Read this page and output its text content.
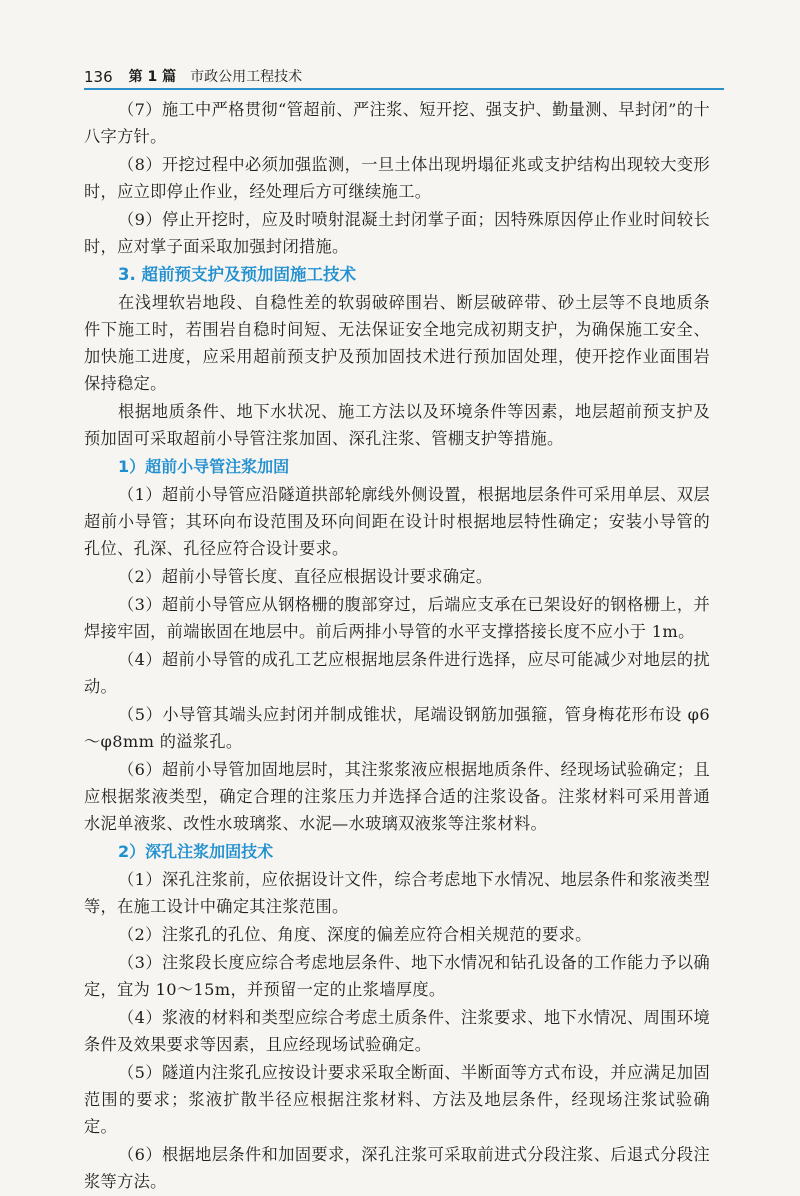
136 第 1 篇 市政公用工程技术

（7）施工中严格贯彻“管超前、严注浆、短开挖、强支护、勤量测、早封闭”的十八字方针。

（8）开挖过程中必须加强监测，一旦土体出现坍塌征兆或支护结构出现较大变形时，应立即停止作业，经处理后方可继续施工。

（9）停止开挖时，应及时喷射混凝土封闭掌子面；因特殊原因停止作业时间较长时，应对掌子面采取加强封闭措施。

3. 超前预支护及预加固施工技术

在浅埋软岩地段、自稳性差的软弱破碎围岩、断层破碎带、砂土层等不良地质条件下施工时，若围岩自稳时间短、无法保证安全地完成初期支护，为确保施工安全、加快施工进度，应采用超前预支护及预加固技术进行预加固处理，使开挖作业面围岩保持稳定。

根据地质条件、地下水状况、施工方法以及环境条件等因素，地层超前预支护及预加固可采取超前小导管注浆加固、深孔注浆、管棚支护等措施。

1）超前小导管注浆加固

（1）超前小导管应沿隧道拱部轮廓线外侧设置，根据地层条件可采用单层、双层超前小导管；其环向布设范围及环向间距在设计时根据地层特性确定；安装小导管的孔位、孔深、孔径应符合设计要求。

（2）超前小导管长度、直径应根据设计要求确定。

（3）超前小导管应从钢格栅的腹部穿过，后端应支承在已架设好的钢格栅上，并焊接牢固，前端嵌固在地层中。前后两排小导管的水平支撑搭接长度不应小于 1m。

（4）超前小导管的成孔工艺应根据地层条件进行选择，应尽可能减少对地层的扰动。

（5）小导管其端头应封闭并制成锥状，尾端设钢筋加强箍，管身梅花形布设 φ6～φ8mm 的溢浆孔。

（6）超前小导管加固地层时，其注浆浆液应根据地质条件、经现场试验确定；且应根据浆液类型，确定合理的注浆压力并选择合适的注浆设备。注浆材料可采用普通水泥单液浆、改性水玻璃浆、水泥—水玻璃双液浆等注浆材料。

2）深孔注浆加固技术

（1）深孔注浆前，应依据设计文件，综合考虑地下水情况、地层条件和浆液类型等，在施工设计中确定其注浆范围。

（2）注浆孔的孔位、角度、深度的偏差应符合相关规范的要求。

（3）注浆段长度应综合考虑地层条件、地下水情况和钻孔设备的工作能力予以确定，宜为 10～15m，并预留一定的止浆墙厚度。

（4）浆液的材料和类型应综合考虑土质条件、注浆要求、地下水情况、周围环境条件及效果要求等因素，且应经现场试验确定。

（5）隧道内注浆孔应按设计要求采取全断面、半断面等方式布设，并应满足加固范围的要求；浆液扩散半径应根据注浆材料、方法及地层条件，经现场注浆试验确定。

（6）根据地层条件和加固要求，深孔注浆可采取前进式分段注浆、后退式分段注浆等方法。
